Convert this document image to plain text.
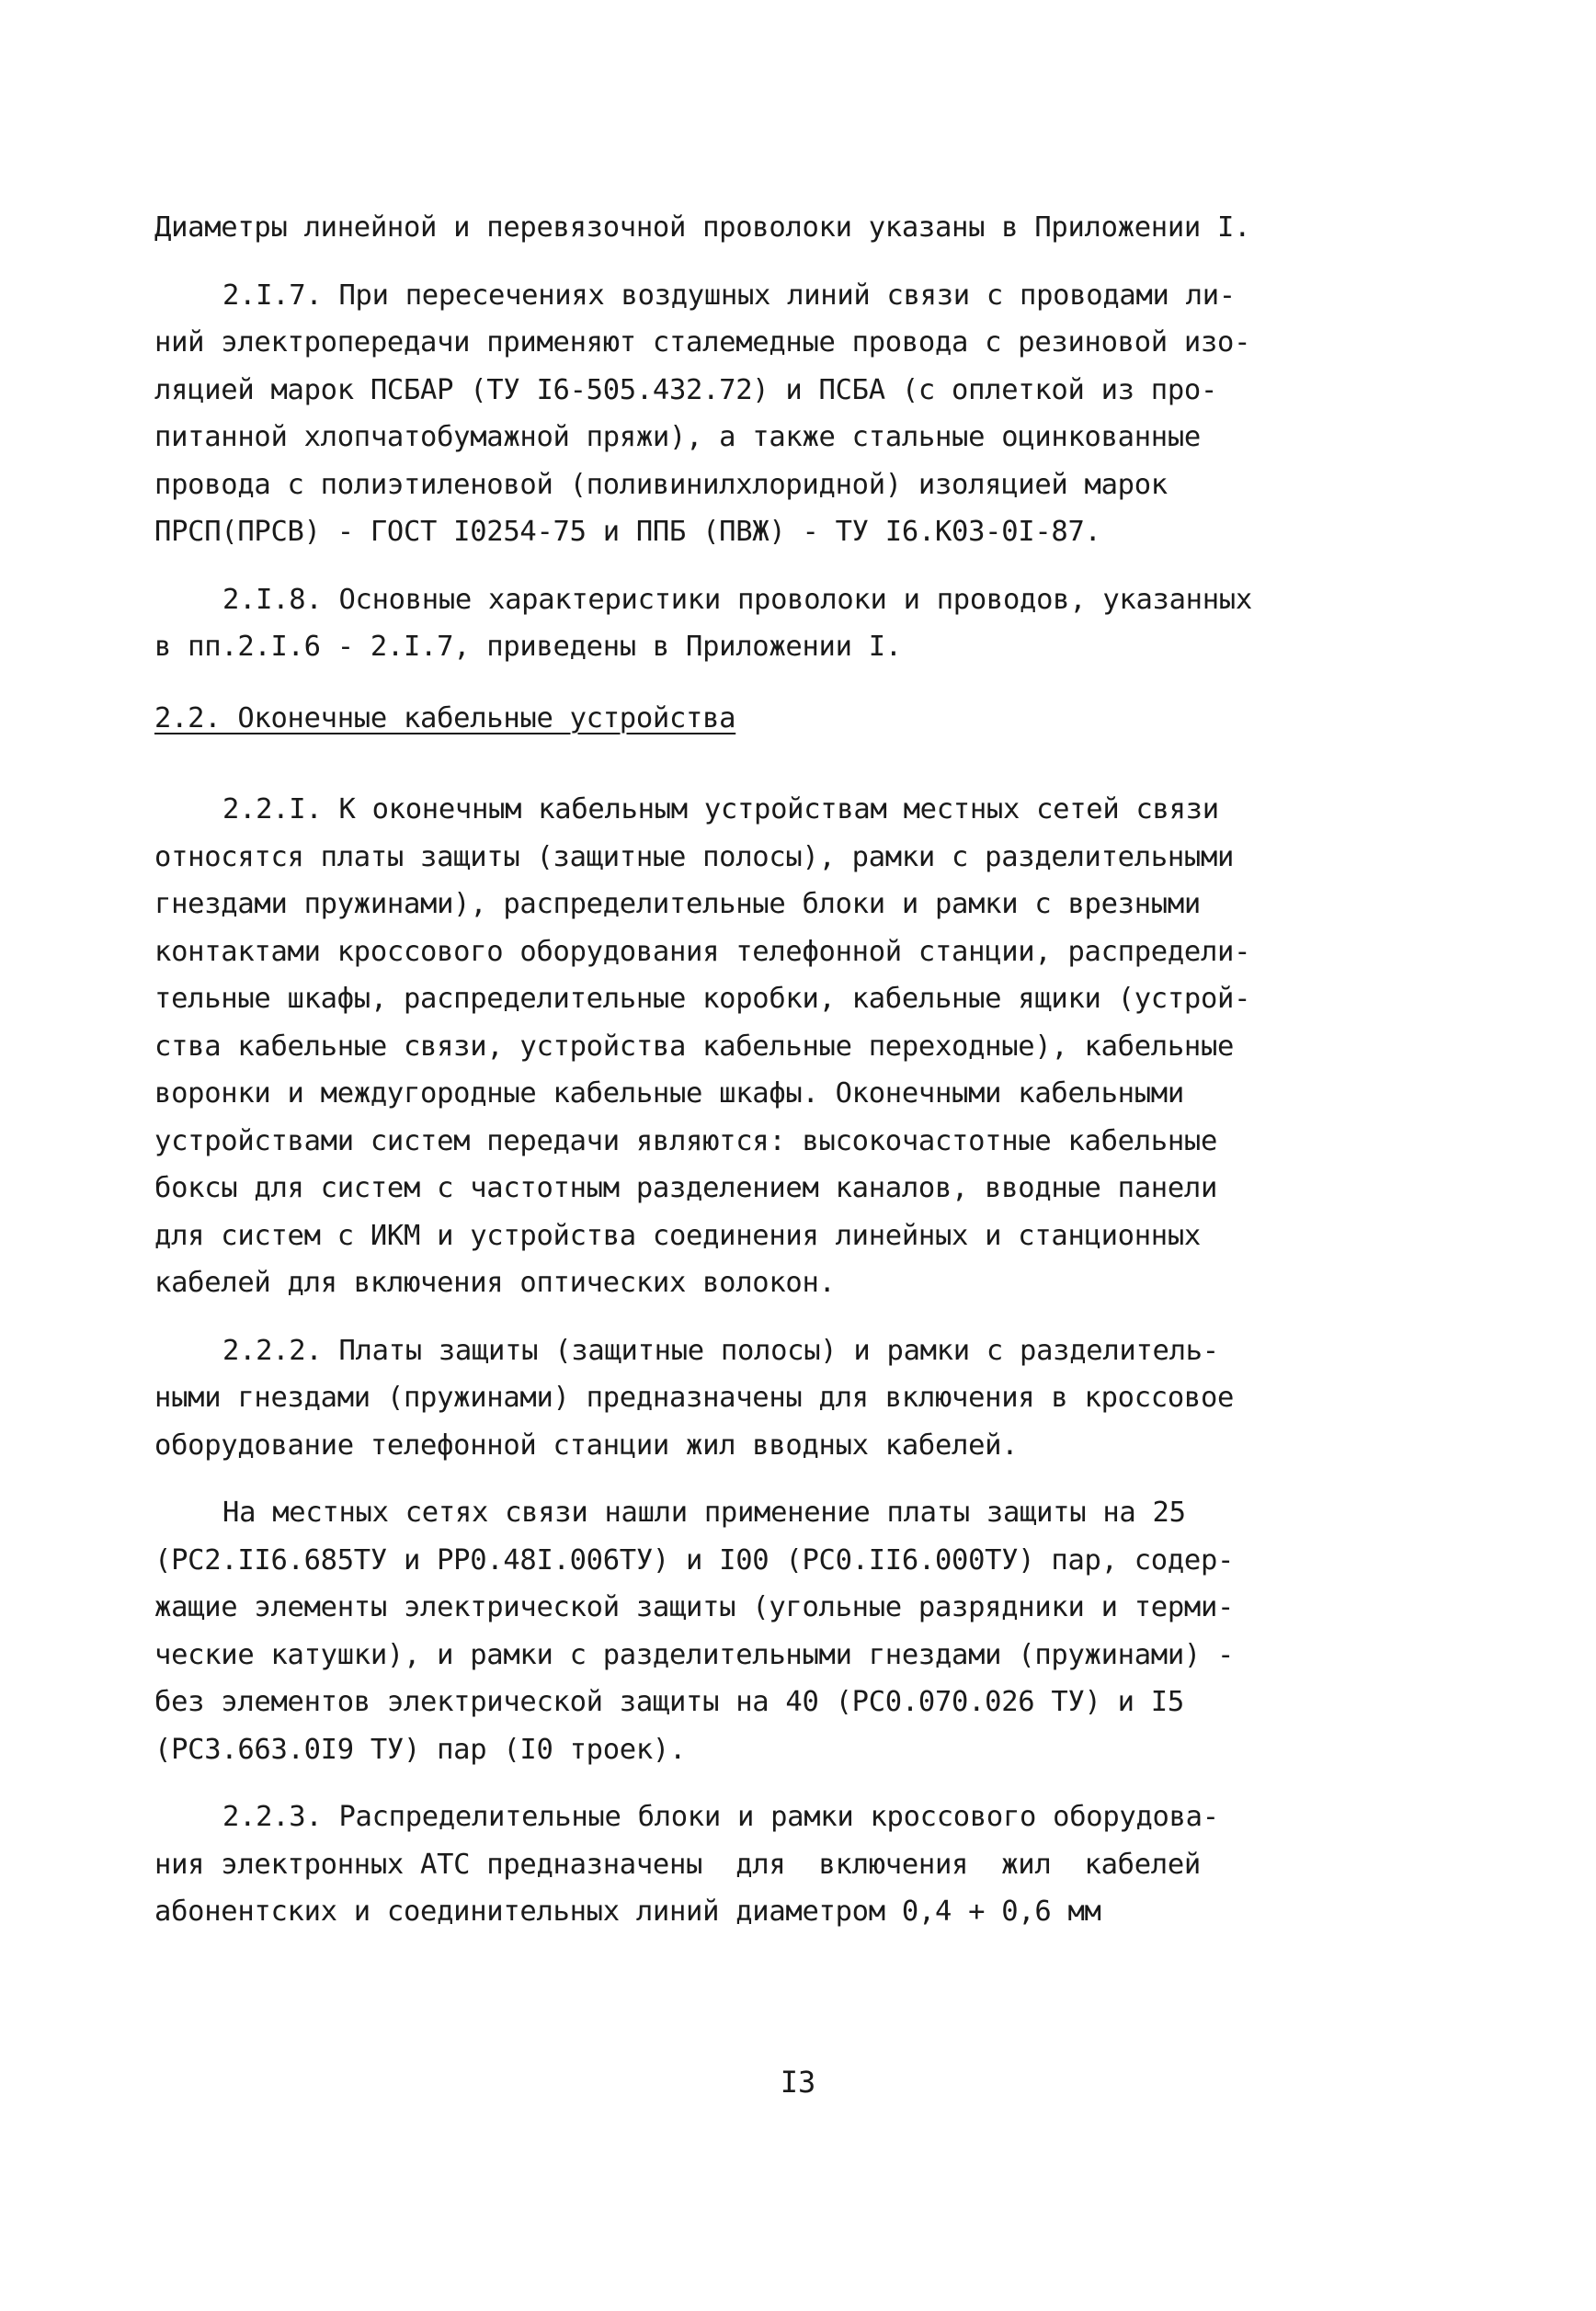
Диаметры линейной и перевязочной проволоки указаны в Приложении I.
2.I.7. При пересечениях воздушных линий связи с проводами ли-
ний электропередачи применяют сталемедные провода с резиновой изо-
ляцией марок ПСБАР (ТУ I6-505.432.72) и ПСБА (с оплеткой из про-
питанной хлопчатобумажной пряжи), а также стальные оцинкованные
провода с полиэтиленовой (поливинилхлоридной) изоляцией марок
ПРСП(ПРСВ) - ГОСТ I0254-75 и ППБ (ПВЖ) - ТУ I6.К03-0I-87.
2.I.8. Основные характеристики проволоки и проводов, указанных
в пп.2.I.6 - 2.I.7, приведены в Приложении I.
2.2. Оконечные кабельные устройства
2.2.I. К оконечным кабельным устройствам местных сетей связи
относятся платы защиты (защитные полосы), рамки с разделительными
гнездами пружинами), распределительные блоки и рамки с врезными
контактами кроссового оборудования телефонной станции, распредели-
тельные шкафы, распределительные коробки, кабельные ящики (устрой-
ства кабельные связи, устройства кабельные переходные), кабельные
воронки и междугородные кабельные шкафы. Оконечными кабельными
устройствами систем передачи являются: высокочастотные кабельные
боксы для систем с частотным разделением каналов, вводные панели
для систем с ИКМ и устройства соединения линейных и станционных
кабелей для включения оптических волокон.
2.2.2. Платы защиты (защитные полосы) и рамки с разделитель-
ными гнездами (пружинами) предназначены для включения в кроссовое
оборудование телефонной станции жил вводных кабелей.
На местных сетях связи нашли применение платы защиты на 25
(РС2.II6.685ТУ и РР0.48I.006ТУ) и I00 (РС0.II6.000ТУ) пар, содер-
жащие элементы электрической защиты (угольные разрядники и терми-
ческие катушки), и рамки с разделительными гнездами (пружинами) -
без элементов электрической защиты на 40 (РС0.070.026 ТУ) и I5
(РС3.663.0I9 ТУ) пар (I0 троек).
2.2.3. Распределительные блоки и рамки кроссового оборудова-
ния электронных АТС предназначены  для  включения  жил  кабелей
абонентских и соединительных линий диаметром 0,4 + 0,6 мм
I3
